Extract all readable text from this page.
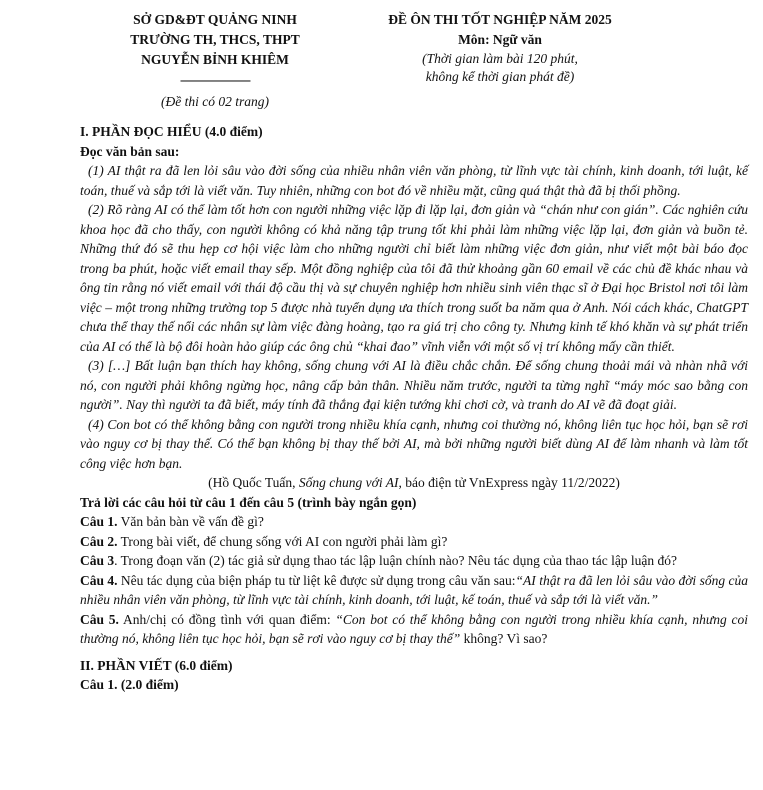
SỞ GD&ĐT QUẢNG NINH
TRƯỜNG TH, THCS, THPT
NGUYỄN BỈNH KHIÊM
--------------------
(Đề thi có 02 trang)
ĐỀ ÔN THI TỐT NGHIỆP NĂM 2025
Môn: Ngữ văn
(Thời gian làm bài 120 phút,
không kể thời gian phát đề)

I. PHẦN ĐỌC HIỂU (4.0 điểm)

Đọc văn bản sau:

(1) AI thật ra đã len lỏi sâu vào đời sống của nhiều nhân viên văn phòng, từ lĩnh vực tài chính, kinh doanh, tới luật, kế toán, thuế và sắp tới là viết văn. Tuy nhiên, những con bot đó về nhiều mặt, cũng quá thật thà đã bị thối phồng.

(2) Rõ ràng AI có thể làm tốt hơn con người những việc lặp đi lặp lại, đơn giản và “chán như con gián”. Các nghiên cứu khoa học đã cho thấy, con người không có khả năng tập trung tốt khi phải làm những việc lặp lại, đơn giản và buồn tẻ. Những thứ đó sẽ thu hẹp cơ hội việc làm cho những người chỉ biết làm những việc đơn giản, như viết một bài báo đọc trong ba phút, hoặc viết email thay sếp. Một đồng nghiệp của tôi đã thử khoảng gần 60 email về các chủ đề khác nhau và ông tin rằng nó viết email với thái độ cầu thị và sự chuyên nghiệp hơn nhiều sinh viên thạc sĩ ở Đại học Bristol nơi tôi làm việc – một trong những trường top 5 được nhà tuyển dụng ưa thích trong suốt ba năm qua ở Anh. Nói cách khác, ChatGPT chưa thể thay thế nổi các nhân sự làm việc đàng hoàng, tạo ra giá trị cho công ty. Nhưng kinh tế khó khăn và sự phát triển của AI có thể là bộ đôi hoàn hảo giúp các ông chủ “khai đao” vĩnh viễn với một số vị trí không mấy cần thiết.

(3) […] Bất luận bạn thích hay không, sống chung với AI là điều chắc chắn. Để sống chung thoải mái và nhàn nhã với nó, con người phải không ngừng học, nâng cấp bản thân. Nhiều năm trước, người ta từng nghĩ “máy móc sao bằng con người”. Nay thì người ta đã biết, máy tính đã thắng đại kiện tướng khi chơi cờ, và tranh do AI vẽ đã đoạt giải.

(4) Con bot có thể không bằng con người trong nhiều khía cạnh, nhưng coi thường nó, không liên tục học hỏi, bạn sẽ rơi vào nguy cơ bị thay thế. Có thể bạn không bị thay thế bởi AI, mà bởi những người biết dùng AI để làm nhanh và làm tốt công việc hơn bạn.

(Hồ Quốc Tuấn, Sống chung với AI, báo điện tử VnExpress ngày 11/2/2022)

Trả lời các câu hỏi từ câu 1 đến câu 5 (trình bày ngắn gọn)

Câu 1. Văn bản bàn về vấn đề gì?

Câu 2. Trong bài viết, để chung sống với AI con người phải làm gì?

Câu 3. Trong đoạn văn (2) tác giả sử dụng thao tác lập luận chính nào? Nêu tác dụng của thao tác lập luận đó?

Câu 4. Nêu tác dụng của biện pháp tu từ liệt kê được sử dụng trong câu văn sau:“AI thật ra đã len lỏi sâu vào đời sống của nhiều nhân viên văn phòng, từ lĩnh vực tài chính, kinh doanh, tới luật, kế toán, thuế và sắp tới là viết văn.”

Câu 5. Anh/chị có đồng tình với quan điểm: “Con bot có thể không bằng con người trong nhiều khía cạnh, nhưng coi thường nó, không liên tục học hỏi, bạn sẽ rơi vào nguy cơ bị thay thế” không? Vì sao?

II. PHẦN VIẾT (6.0 điểm)

Câu 1. (2.0 điểm)
